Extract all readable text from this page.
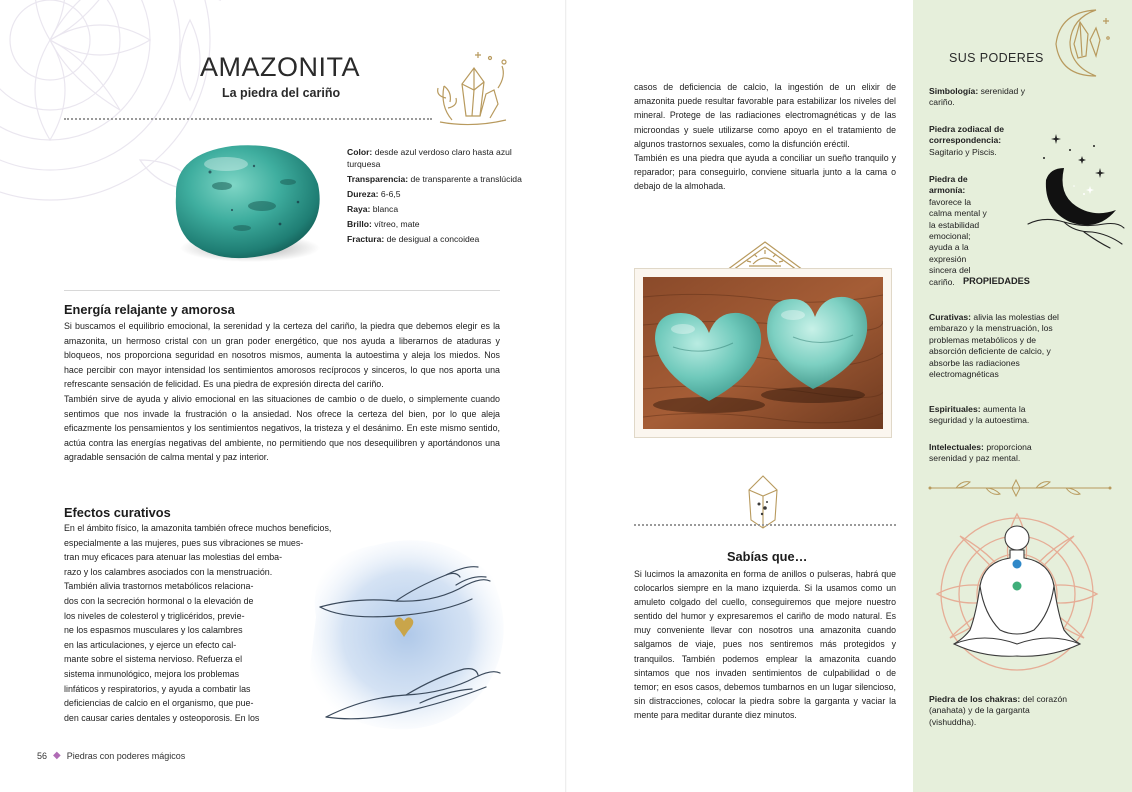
AMAZONITA
La piedra del cariño

Color: desde azul verdoso claro hasta azul turquesa

Transparencia: de transparente a translúcida

Dureza: 6-6,5

Raya: blanca

Brillo: vítreo, mate

Fractura: de desigual a concoidea

Energía relajante y amorosa

Si buscamos el equilibrio emocional, la serenidad y la certeza del cariño, la piedra que debemos elegir es la amazonita, un hermoso cristal con un gran poder energético, que nos ayuda a liberarnos de ataduras y bloqueos, nos proporciona seguridad en nosotros mismos, aumenta la autoestima y aleja los miedos. Nos hace percibir con mayor intensidad los sentimientos amorosos recíprocos y sinceros, lo que nos aporta una refrescante sensación de felicidad. Es una piedra de expresión directa del cariño.

También sirve de ayuda y alivio emocional en las situaciones de cambio o de duelo, o simplemente cuando sentimos que nos invade la frustración o la ansiedad. Nos ofrece la certeza del bien, por lo que aleja eficazmente los pensamientos y los sentimientos negativos, la tristeza y el desánimo. En este mismo sentido, actúa contra las energías negativas del ambiente, no permitiendo que nos desequilibren y aportándonos una agradable sensación de calma mental y paz interior.

Efectos curativos

En el ámbito físico, la amazonita también ofrece muchos beneficios,

especialmente a las mujeres, pues sus vibraciones se mues-

tran muy eficaces para atenuar las molestias del emba-

razo y los calambres asociados con la menstruación.

También alivia trastornos metabólicos relaciona-

dos con la secreción hormonal o la elevación de

los niveles de colesterol y triglicéridos, previe-

ne los espasmos musculares y los calambres

en las articulaciones, y ejerce un efecto cal-

mante sobre el sistema nervioso. Refuerza el

sistema inmunológico, mejora los problemas

linfáticos y respiratorios, y ayuda a combatir las

deficiencias de calcio en el organismo, que pue-

den causar caries dentales y osteoporosis. En los

56 ◆ Piedras con poderes mágicos

casos de deficiencia de calcio, la ingestión de un elixir de amazonita puede resultar favorable para estabilizar los niveles del mineral. Protege de las radiaciones electromagnéticas y de las microondas y suele utilizarse como apoyo en el tratamiento de algunos trastornos sexuales, como la disfunción eréctil.

También es una piedra que ayuda a conciliar un sueño tranquilo y reparador; para conseguirlo, conviene situarla junto a la cama o debajo de la almohada.

Sabías que…
Si lucimos la amazonita en forma de anillos o pulseras, habrá que colocarlos siempre en la mano izquierda. Si la usamos como un amuleto colgado del cuello, conseguiremos que mejore nuestro sentido del humor y expresaremos el cariño de modo natural. Es muy conveniente llevar con nosotros una amazonita cuando salgamos de viaje, pues nos sentiremos más protegidos y tranquilos. También podemos emplear la amazonita cuando sintamos que nos invaden sentimientos de culpabilidad o de temor; en esos casos, debemos tumbarnos en un lugar silencioso, sin distracciones, colocar la piedra sobre la garganta y vaciar la mente para meditar durante diez minutos.
SUS PODERES
Simbología: serenidad y cariño.
Piedra zodiacal de correspondencia: Sagitario y Piscis.
Piedra de armonía: favorece la calma mental y la estabilidad emocional; ayuda a la expresión sincera del cariño. PROPIEDADES
Curativas: alivia las molestias del embarazo y la menstruación, los problemas metabólicos y de absorción deficiente de calcio, y absorbe las radiaciones electromagnéticas
Espirituales: aumenta la seguridad y la autoestima.
Intelectuales: proporciona serenidad y paz mental.
Piedra de los chakras: del corazón (anahata) y de la garganta (vishuddha).
